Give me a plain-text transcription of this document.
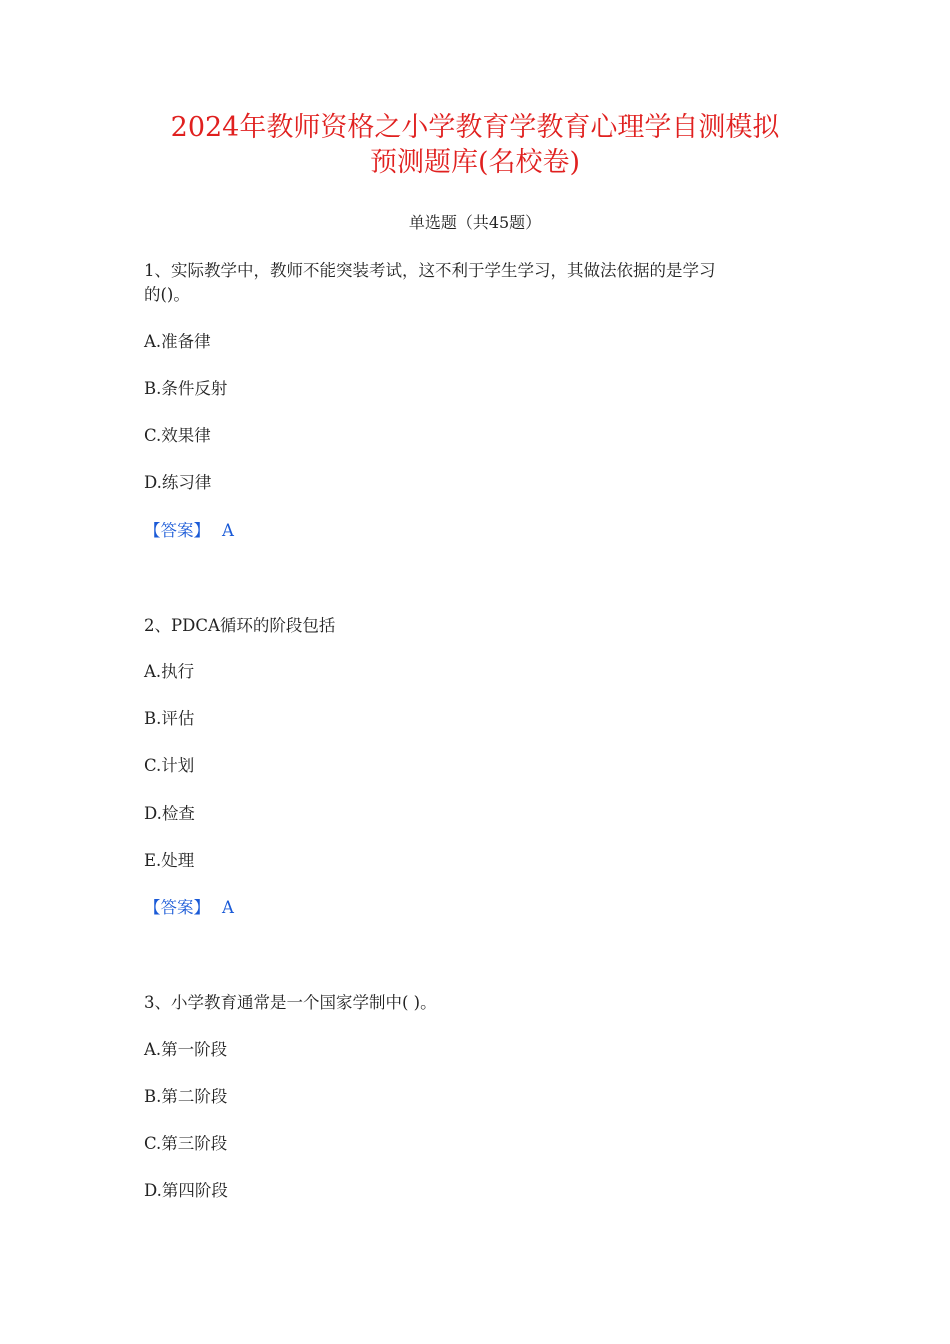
2024年教师资格之小学教育学教育心理学自测模拟
预测题库(名校卷)
单选题（共45题）
1、实际教学中，教师不能突装考试，这不利于学生学习，其做法依据的是学习
的()。
A.准备律
B.条件反射
C.效果律
D.练习律
【答案】 A
2、PDCA循环的阶段包括
A.执行
B.评估
C.计划
D.检查
E.处理
【答案】 A
3、小学教育通常是一个国家学制中( )。
A.第一阶段
B.第二阶段
C.第三阶段
D.第四阶段
